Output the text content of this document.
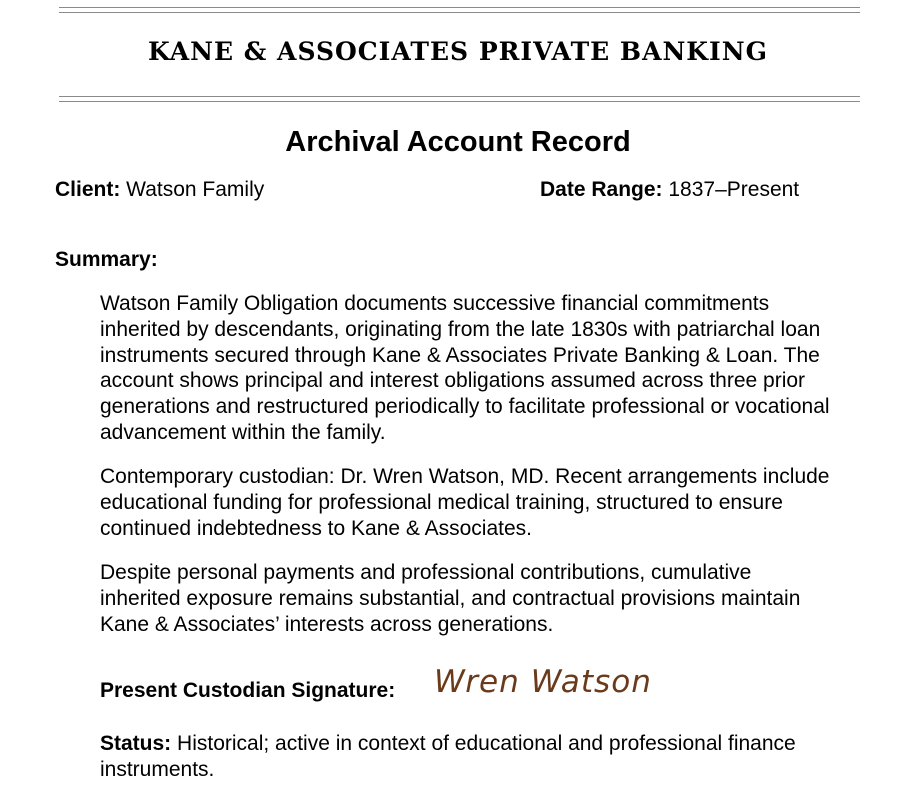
KANE & ASSOCIATES PRIVATE BANKING
Archival Account Record
Client: Watson Family	Date Range: 1837–Present
Summary:

Watson Family Obligation documents successive financial commitments inherited by descendants, originating from the late 1830s with patriarchal loan instruments secured through Kane & Associates Private Banking & Loan. The account shows principal and interest obligations assumed across three prior generations and restructured periodically to facilitate professional or vocational advancement within the family.

Contemporary custodian: Dr. Wren Watson, MD. Recent arrangements include educational funding for professional medical training, structured to ensure continued indebtedness to Kane & Associates.

Despite personal payments and professional contributions, cumulative inherited exposure remains substantial, and contractual provisions maintain Kane & Associates’ interests across generations.

Present Custodian Signature: Wren Watson

Status: Historical; active in context of educational and professional finance instruments.
